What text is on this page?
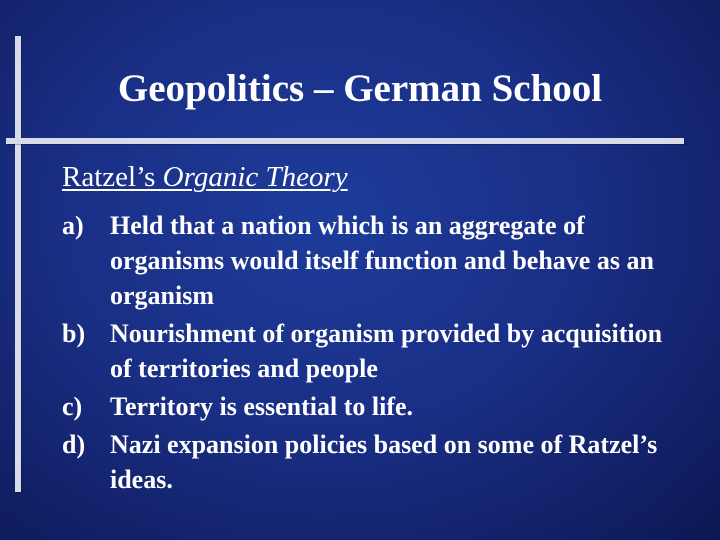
Geopolitics – German School
Ratzel’s Organic Theory
a) Held that a nation which is an aggregate of organisms would itself function and behave as an organism
b) Nourishment of organism provided by acquisition of territories and people
c) Territory is essential to life.
d) Nazi expansion policies based on some of Ratzel’s ideas.
